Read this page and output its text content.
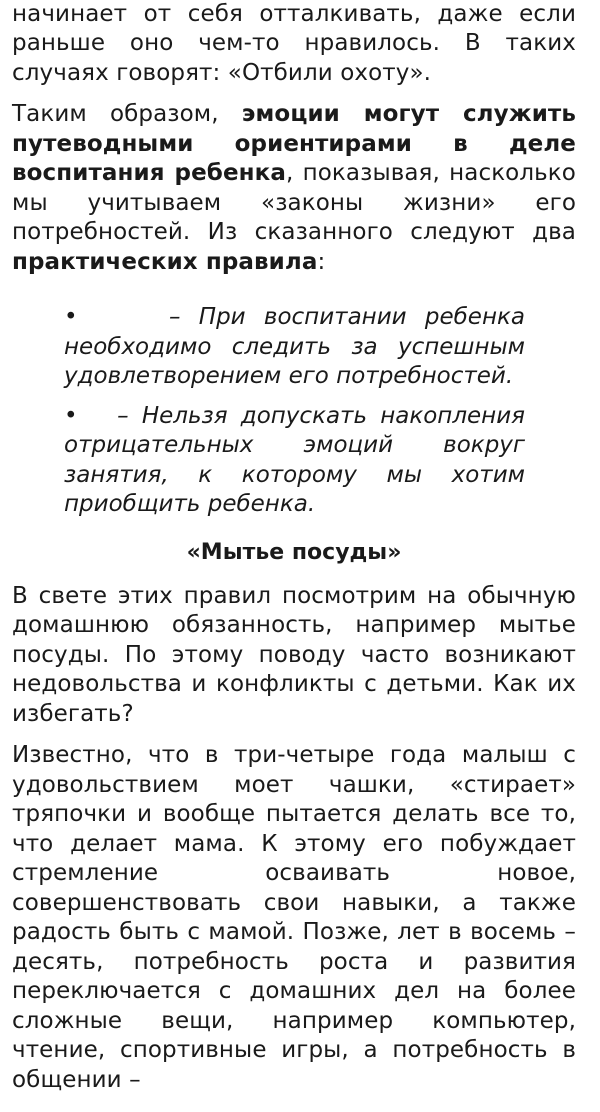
начинает от себя отталкивать, даже если раньше оно чем-то нравилось. В таких случаях говорят: «Отбили охоту».

Таким образом, эмоции могут служить путеводными ориентирами в деле воспитания ребенка, показывая, насколько мы учитываем «законы жизни» его потребностей. Из сказанного следуют два практических правила:

•	– При воспитании ребенка необходимо следить за успешным удовлетворением его потребностей.
• – Нельзя допускать накопления отрицательных эмоций вокруг занятия, к которому мы хотим приобщить ребенка.
«Мытье посуды»

В свете этих правил посмотрим на обычную домашнюю обязанность, например мытье посуды. По этому поводу часто возникают недовольства и конфликты с детьми. Как их избегать?

Известно, что в три-четыре года малыш с удовольствием моет чашки, «стирает» тряпочки и вообще пытается делать все то, что делает мама. К этому его побуждает стремление осваивать новое, совершенствовать свои навыки, а также радость быть с мамой. Позже, лет в восемь – десять, потребность роста и развития переключается с домашних дел на более сложные вещи, например компьютер, чтение, спортивные игры, а потребность в общении –
